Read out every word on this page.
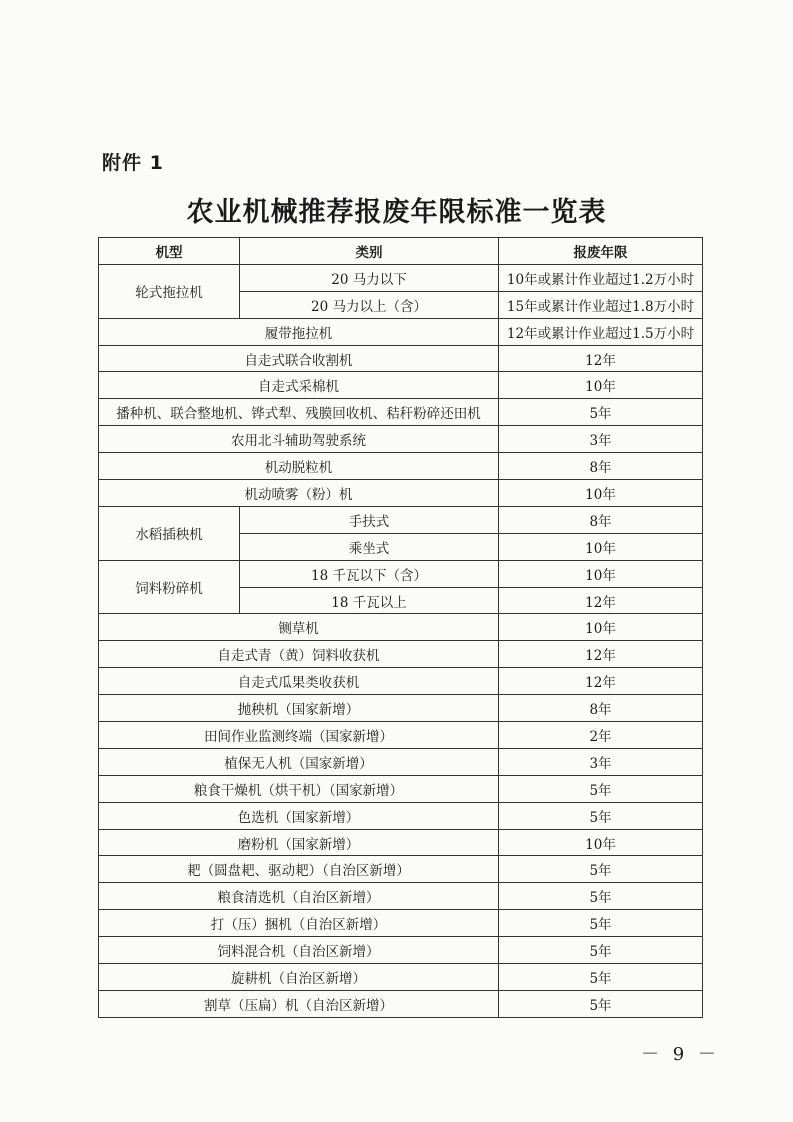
附件 1
农业机械推荐报废年限标准一览表
机型	类别	报废年限
轮式拖拉机	20 马力以下	10年或累计作业超过1.2万小时
	20 马力以上（含）	15年或累计作业超过1.8万小时
履带拖拉机		12年或累计作业超过1.5万小时
自走式联合收割机		12年
自走式采棉机		10年
播种机、联合整地机、铧式犁、残膜回收机、秸秆粉碎还田机		5年
农用北斗辅助驾驶系统		3年
机动脱粒机		8年
机动喷雾（粉）机		10年
水稻插秧机	手扶式	8年
	乘坐式	10年
饲料粉碎机	18 千瓦以下（含）	10年
	18 千瓦以上	12年
铡草机		10年
自走式青（黄）饲料收获机		12年
自走式瓜果类收获机		12年
抛秧机（国家新增）		8年
田间作业监测终端（国家新增）		2年
植保无人机（国家新增）		3年
粮食干燥机（烘干机）（国家新增）		5年
色选机（国家新增）		5年
磨粉机（国家新增）		10年
耙（圆盘耙、驱动耙）（自治区新增）		5年
粮食清选机（自治区新增）		5年
打（压）捆机（自治区新增）		5年
饲料混合机（自治区新增）		5年
旋耕机（自治区新增）		5年
割草（压扁）机（自治区新增）		5年
－ 9 －
